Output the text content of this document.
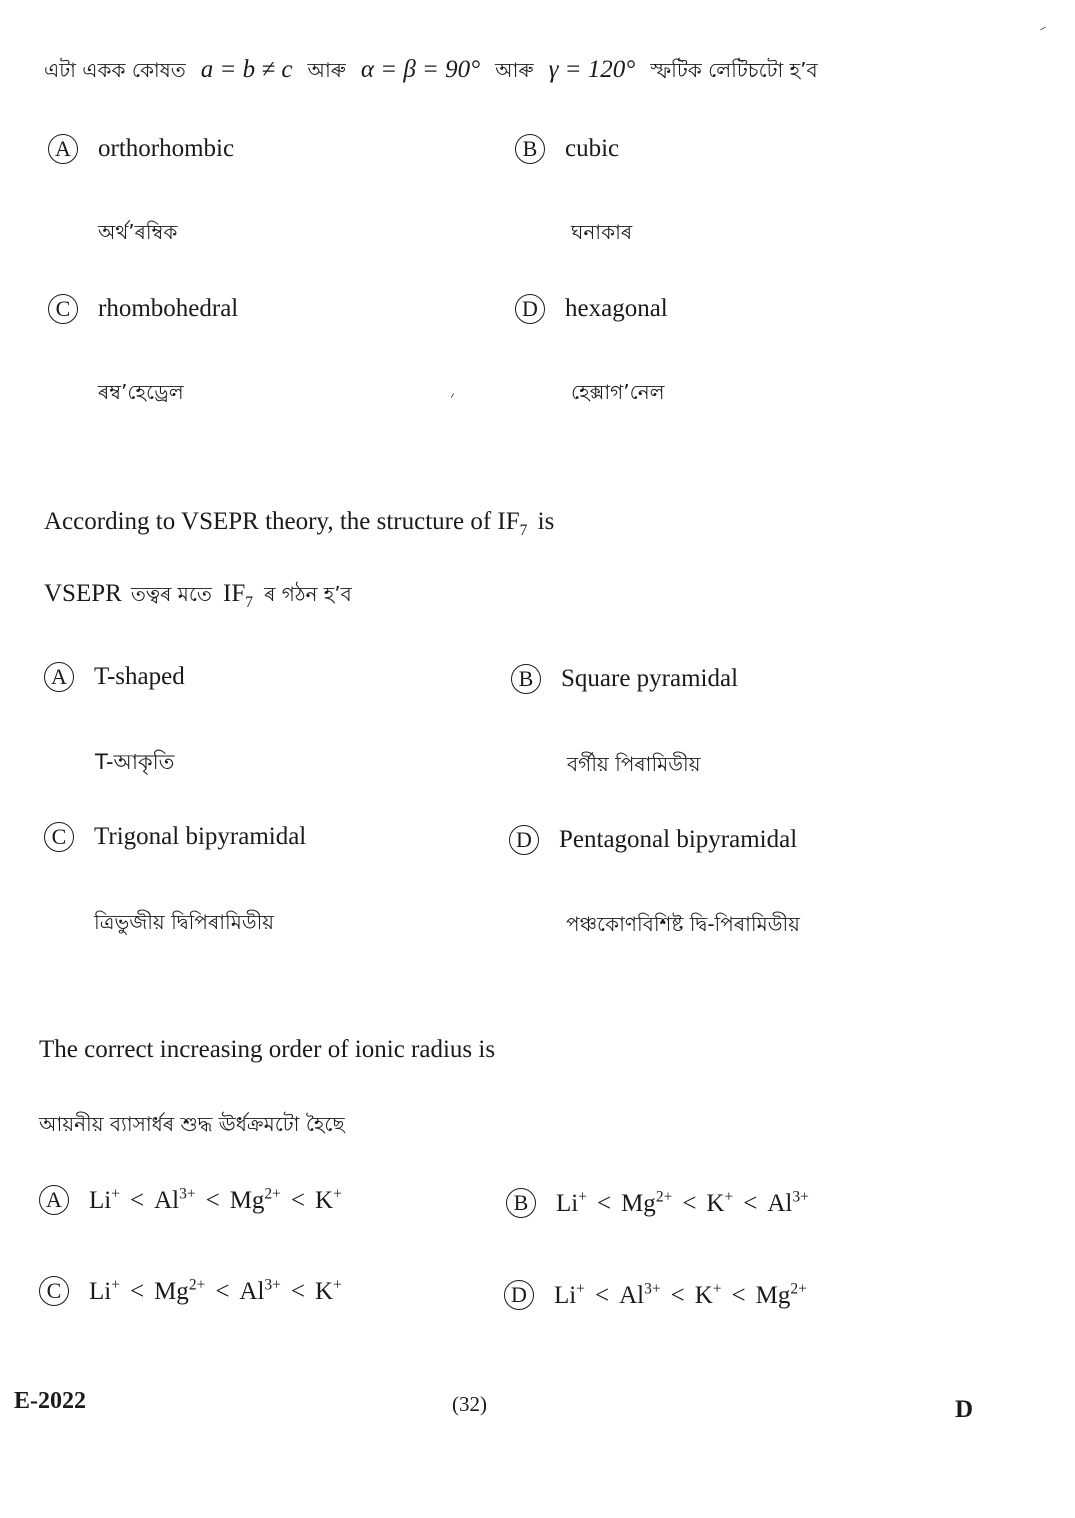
এটা একক কোষত a = b ≠ c আৰু α = β = 90° আৰু γ = 120° স্ফটিক লেটিচটো হ’ব
A orthorhombic
অৰ্থ’ৰম্বিক
B	cubic
ঘনাকাৰ
C	rhombohedral
ৰম্ব’হেড্ৰেল
D hexagonal
হেক্সাগ’নেল
According to VSEPR theory, the structure of $IF_7$ is
VSEPR তত্বৰ মতে $IF_7$ ৰ গঠন হ’ব
A T-shaped
T-আকৃতি
B	Square pyramidal
বৰ্গীয় পিৰামিডীয়
C	Trigonal bipyramidal
ত্ৰিভুজীয় দ্বিপিৰামিডীয়
D Pentagonal bipyramidal
পঞ্চকোণবিশিষ্ট দ্বি-পিৰামিডীয়
The correct increasing order of ionic radius is
আয়নীয় ব্যাসাৰ্ধৰ শুদ্ধ ঊৰ্ধক্ৰমটো হৈছে
A $Li^+ < Al^{3+} < Mg^{2+} < K^+$	B	$Li^+ < Mg^{2+} < K^+ < Al^{3+}$
C	$Li^+ < Mg^{2+} < Al^{3+} < K^+$	D $Li^+ < Al^{3+} < K^+ < Mg^{2+}$
E-2022	(32)	D
